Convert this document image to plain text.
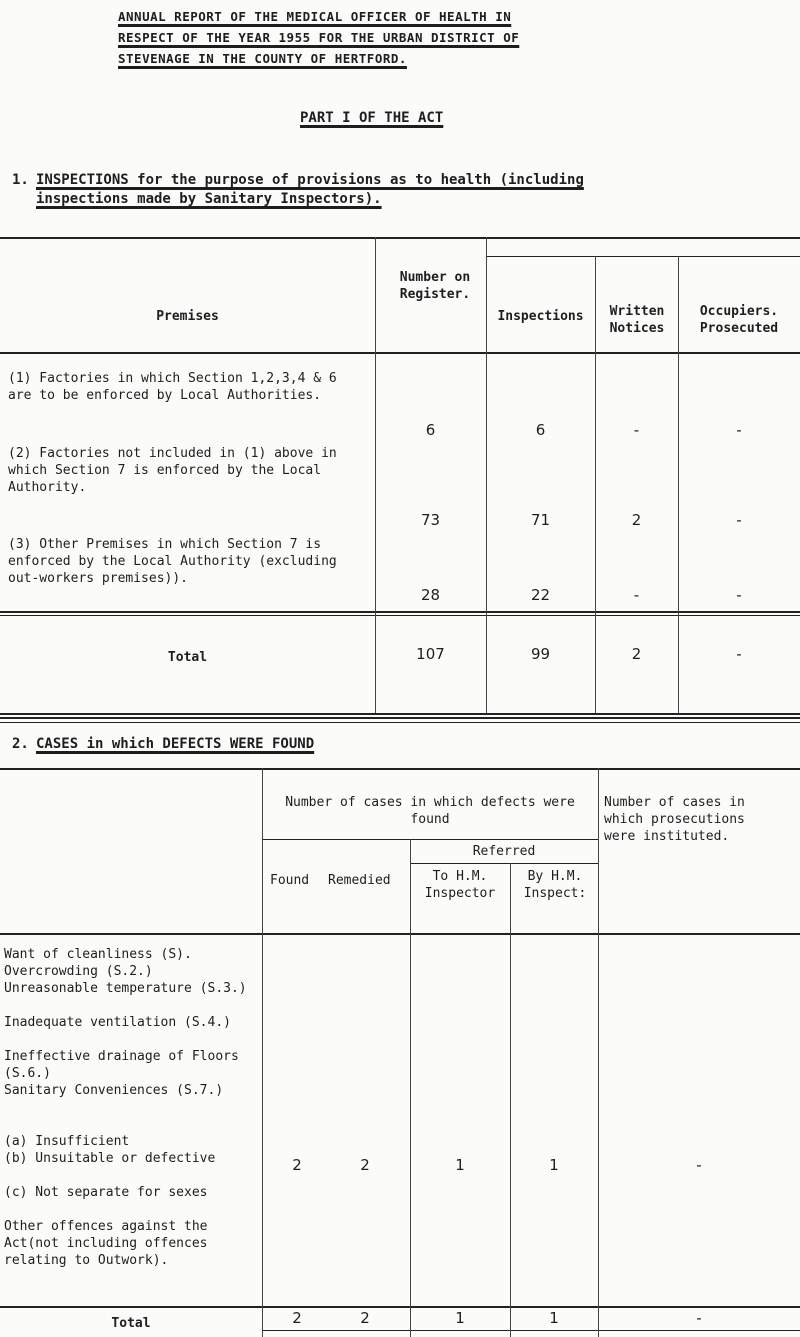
ANNUAL REPORT OF THE MEDICAL OFFICER OF HEALTH IN
RESPECT OF THE YEAR 1955 FOR THE URBAN DISTRICT OF
STEVENAGE IN THE COUNTY OF HERTFORD.
PART I OF THE ACT
1. INSPECTIONS for the purpose of provisions as to health (including
inspections made by Sanitary Inspectors).
Premises
Number on Register.
Inspections	Written Notices
Occupiers. Prosecuted
(1) Factories in which Section 1,2,3,4 & 6 are to be enforced by Local Authorities.
6	6	-	-
(2) Factories not included in (1) above in which Section 7 is enforced by the Local Authority.
73	71	2	-
(3) Other Premises in which Section 7 is enforced by the Local Authority (excluding out-workers premises)).
28	22	-	-
Total	107	99	2	-
2. CASES in which DEFECTS WERE FOUND
Number of cases in which defects were found
Found Remedied
Referred
To H.M. Inspector
By H.M. Inspect:
Number of cases in which prosecutions were instituted.
Want of cleanliness (S).
Overcrowding (S.2.)
Unreasonable temperature (S.3.)
Inadequate ventilation (S.4.)
Ineffective drainage of Floors (S.6.)
Sanitary Conveniences (S.7.)
(a) Insufficient
(b) Unsuitable or defective
(c) Not separate for sexes
Other offences against the Act(not including offences relating to Outwork).
2	2	1	1	-
Total	2	2	1	1	-
